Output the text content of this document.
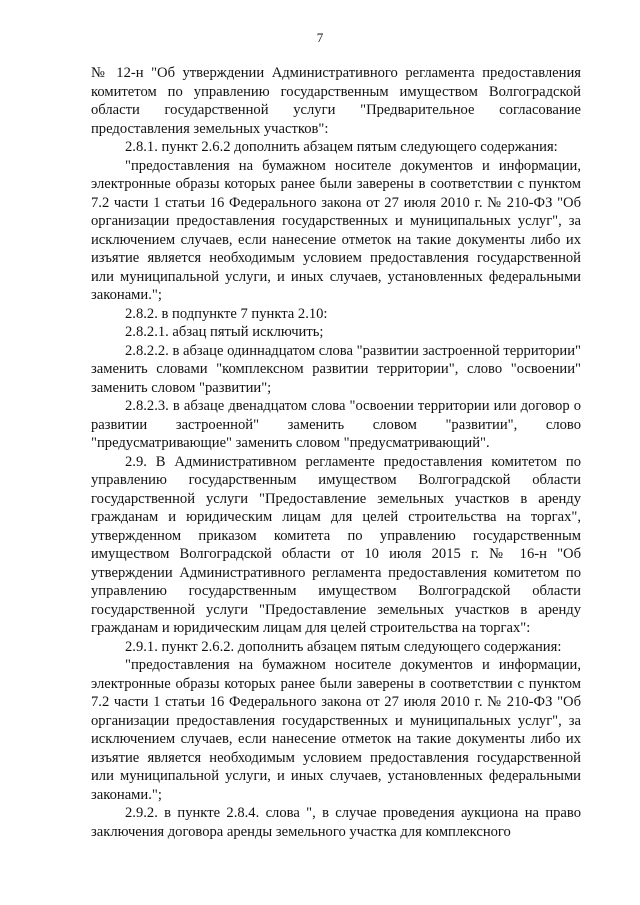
7

№ 12-н "Об утверждении Административного регламента предоставления комитетом по управлению государственным имуществом Волгоградской области государственной услуги "Предварительное согласование предоставления земельных участков":

2.8.1. пункт 2.6.2 дополнить абзацем пятым следующего содержания:

"предоставления на бумажном носителе документов и информации, электронные образы которых ранее были заверены в соответствии с пунктом 7.2 части 1 статьи 16 Федерального закона от 27 июля 2010 г. № 210-ФЗ "Об организации предоставления государственных и муниципальных услуг", за исключением случаев, если нанесение отметок на такие документы либо их изъятие является необходимым условием предоставления государственной или муниципальной услуги, и иных случаев, установленных федеральными законами.";

2.8.2. в подпункте 7 пункта 2.10:

2.8.2.1. абзац пятый исключить;

2.8.2.2. в абзаце одиннадцатом слова "развитии застроенной территории" заменить словами "комплексном развитии территории", слово "освоении" заменить словом "развитии";

2.8.2.3. в абзаце двенадцатом слова "освоении территории или договор о развитии застроенной" заменить словом "развитии", слово "предусматривающие" заменить словом "предусматривающий".

2.9. В Административном регламенте предоставления комитетом по управлению государственным имуществом Волгоградской области государственной услуги "Предоставление земельных участков в аренду гражданам и юридическим лицам для целей строительства на торгах", утвержденном приказом комитета по управлению государственным имуществом Волгоградской области от 10 июля 2015 г. № 16-н "Об утверждении Административного регламента предоставления комитетом по управлению государственным имуществом Волгоградской области государственной услуги "Предоставление земельных участков в аренду гражданам и юридическим лицам для целей строительства на торгах":

2.9.1. пункт 2.6.2. дополнить абзацем пятым следующего содержания:

"предоставления на бумажном носителе документов и информации, электронные образы которых ранее были заверены в соответствии с пунктом 7.2 части 1 статьи 16 Федерального закона от 27 июля 2010 г. № 210-ФЗ "Об организации предоставления государственных и муниципальных услуг", за исключением случаев, если нанесение отметок на такие документы либо их изъятие является необходимым условием предоставления государственной или муниципальной услуги, и иных случаев, установленных федеральными законами.";

2.9.2. в пункте 2.8.4. слова ", в случае проведения аукциона на право заключения договора аренды земельного участка для комплексного
